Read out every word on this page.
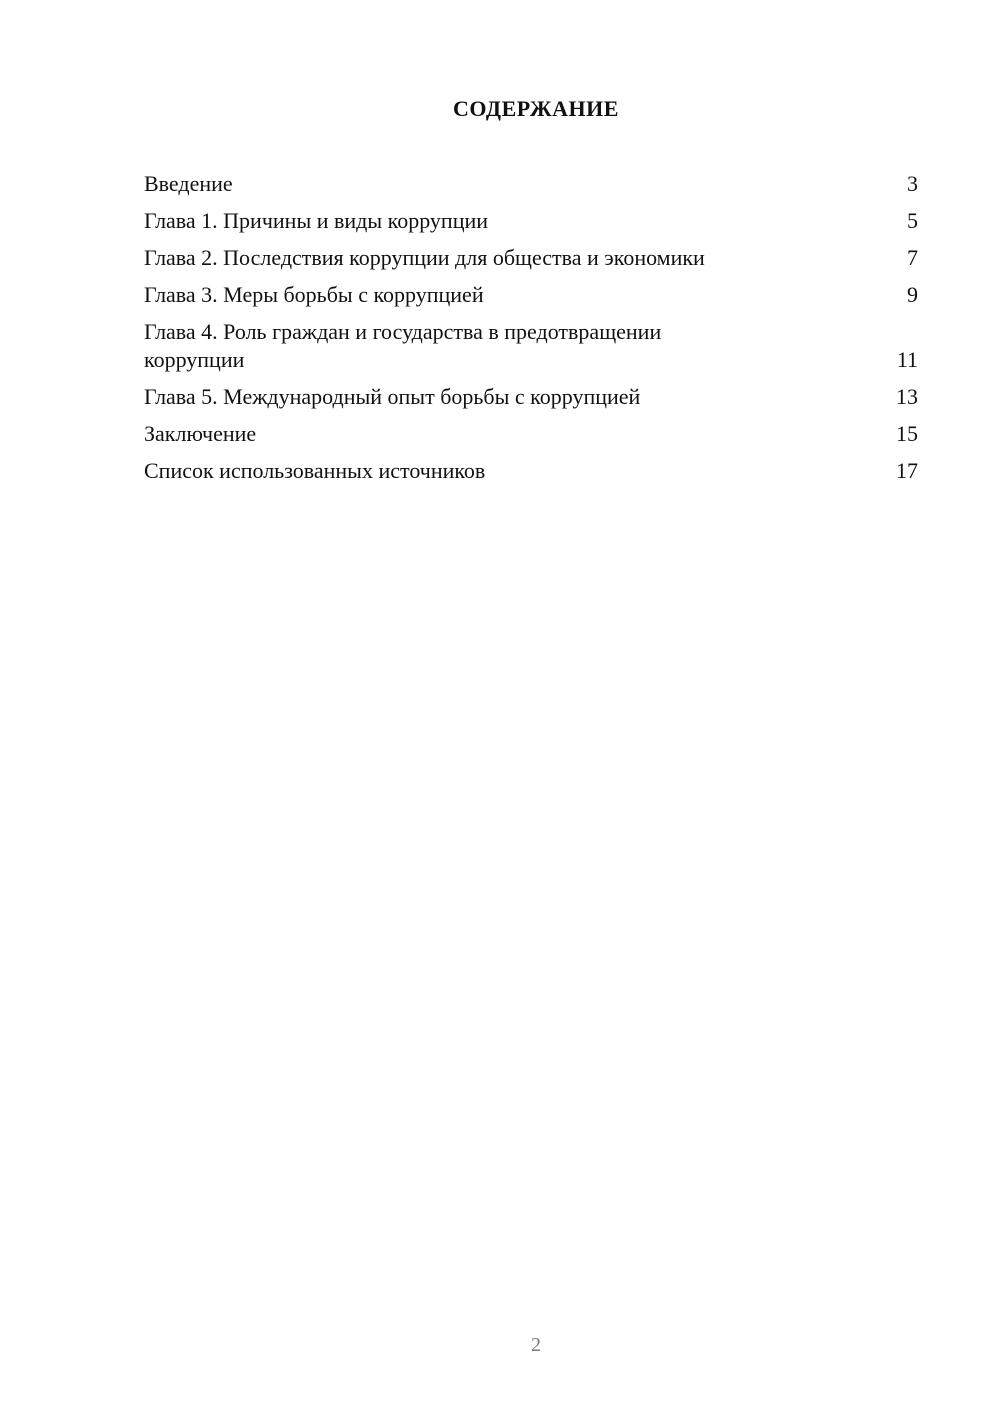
СОДЕРЖАНИЕ
Введение	3
Глава 1. Причины и виды коррупции	5
Глава 2. Последствия коррупции для общества и экономики	7
Глава 3. Меры борьбы с коррупцией	9
Глава 4. Роль граждан и государства в предотвращении коррупции	11
Глава 5. Международный опыт борьбы с коррупцией	13
Заключение	15
Список использованных источников	17
2
